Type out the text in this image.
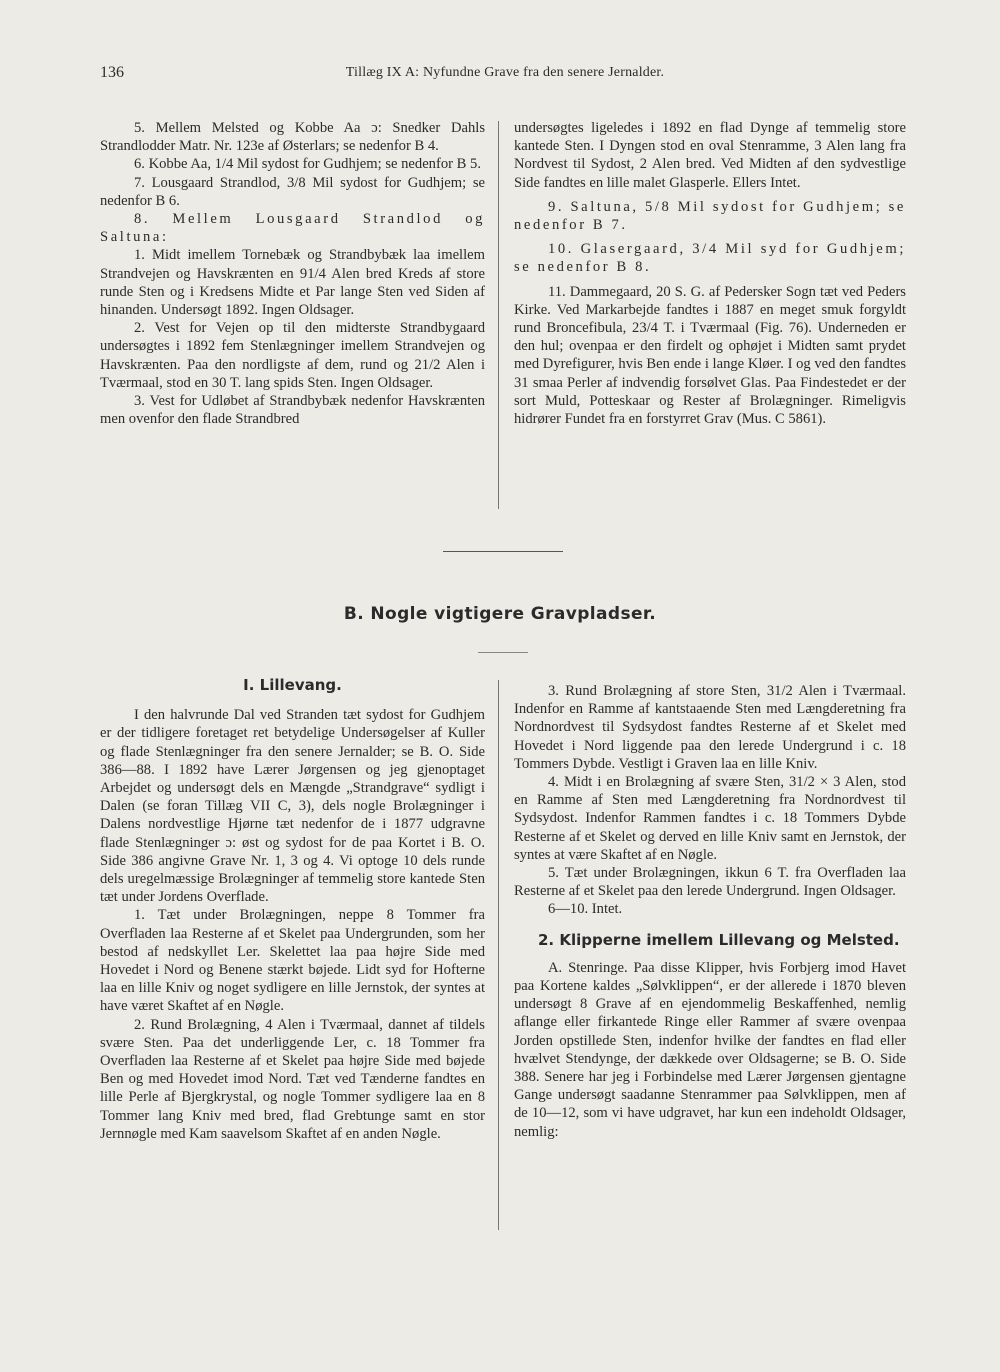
136	Tillæg IX A: Nyfundne Grave fra den senere Jernalder.

5. Mellem Melsted og Kobbe Aa ɔ: Snedker Dahls Strandlodder Matr. Nr. 123e af Østerlars; se nedenfor B 4.

6. Kobbe Aa, 1/4 Mil sydost for Gudhjem; se nedenfor B 5.

7. Lousgaard Strandlod, 3/8 Mil sydost for Gudhjem; se nedenfor B 6.

8. Mellem Lousgaard Strandlod og Saltuna:

1. Midt imellem Tornebæk og Strandbybæk laa imellem Strandvejen og Havskrænten en 91/4 Alen bred Kreds af store runde Sten og i Kredsens Midte et Par lange Sten ved Siden af hinanden. Undersøgt 1892. Ingen Oldsager.

2. Vest for Vejen op til den midterste Strandbygaard undersøgtes i 1892 fem Stenlægninger imellem Strandvejen og Havskrænten. Paa den nordligste af dem, rund og 21/2 Alen i Tværmaal, stod en 30 T. lang spids Sten. Ingen Oldsager.

3. Vest for Udløbet af Strandbybæk nedenfor Havskrænten men ovenfor den flade Strandbred

undersøgtes ligeledes i 1892 en flad Dynge af temmelig store kantede Sten. I Dyngen stod en oval Stenramme, 3 Alen lang fra Nordvest til Sydost, 2 Alen bred. Ved Midten af den sydvestlige Side fandtes en lille malet Glasperle. Ellers Intet.

9. Saltuna, 5/8 Mil sydost for Gudhjem; se nedenfor B 7.

10. Glasergaard, 3/4 Mil syd for Gudhjem; se nedenfor B 8.

11. Dammegaard, 20 S. G. af Pedersker Sogn tæt ved Peders Kirke. Ved Markarbejde fandtes i 1887 en meget smuk forgyldt rund Broncefibula, 23/4 T. i Tværmaal (Fig. 76). Underneden er den hul; ovenpaa er den firdelt og ophøjet i Midten samt prydet med Dyrefigurer, hvis Ben ende i lange Kløer. I og ved den fandtes 31 smaa Perler af indvendig forsølvet Glas. Paa Findestedet er der sort Muld, Potteskaar og Rester af Brolægninger. Rimeligvis hidrører Fundet fra en forstyrret Grav (Mus. C 5861).

B. Nogle vigtigere Gravpladser.

I. Lillevang.

I den halvrunde Dal ved Stranden tæt sydost for Gudhjem er der tidligere foretaget ret betydelige Undersøgelser af Kuller og flade Stenlægninger fra den senere Jernalder; se B. O. Side 386—88. I 1892 have Lærer Jørgensen og jeg gjenoptaget Arbejdet og undersøgt dels en Mængde „Strandgrave“ sydligt i Dalen (se foran Tillæg VII C, 3), dels nogle Brolægninger i Dalens nordvestlige Hjørne tæt nedenfor de i 1877 udgravne flade Stenlægninger ɔ: øst og sydost for de paa Kortet i B. O. Side 386 angivne Grave Nr. 1, 3 og 4. Vi optoge 10 dels runde dels uregelmæssige Brolægninger af temmelig store kantede Sten tæt under Jordens Overflade.

1. Tæt under Brolægningen, neppe 8 Tommer fra Overfladen laa Resterne af et Skelet paa Undergrunden, som her bestod af nedskyllet Ler. Skelettet laa paa højre Side med Hovedet i Nord og Benene stærkt bøjede. Lidt syd for Hofterne laa en lille Kniv og noget sydligere en lille Jernstok, der syntes at have været Skaftet af en Nøgle.

2. Rund Brolægning, 4 Alen i Tværmaal, dannet af tildels svære Sten. Paa det underliggende Ler, c. 18 Tommer fra Overfladen laa Resterne af et Skelet paa højre Side med bøjede Ben og med Hovedet imod Nord. Tæt ved Tænderne fandtes en lille Perle af Bjergkrystal, og nogle Tommer sydligere laa en 8 Tommer lang Kniv med bred, flad Grebtunge samt en stor Jernnøgle med Kam saavelsom Skaftet af en anden Nøgle.

3. Rund Brolægning af store Sten, 31/2 Alen i Tværmaal. Indenfor en Ramme af kantstaaende Sten med Længderetning fra Nordnordvest til Sydsydost fandtes Resterne af et Skelet med Hovedet i Nord liggende paa den lerede Undergrund i c. 18 Tommers Dybde. Vestligt i Graven laa en lille Kniv.

4. Midt i en Brolægning af svære Sten, 31/2 × 3 Alen, stod en Ramme af Sten med Længderetning fra Nordnordvest til Sydsydost. Indenfor Rammen fandtes i c. 18 Tommers Dybde Resterne af et Skelet og derved en lille Kniv samt en Jernstok, der syntes at være Skaftet af en Nøgle.

5. Tæt under Brolægningen, ikkun 6 T. fra Overfladen laa Resterne af et Skelet paa den lerede Undergrund. Ingen Oldsager.

6—10. Intet.

2. Klipperne imellem Lillevang og Melsted.

A. Stenringe. Paa disse Klipper, hvis Forbjerg imod Havet paa Kortene kaldes „Sølvklippen“, er der allerede i 1870 bleven undersøgt 8 Grave af en ejendommelig Beskaffenhed, nemlig aflange eller firkantede Ringe eller Rammer af svære ovenpaa Jorden opstillede Sten, indenfor hvilke der fandtes en flad eller hvælvet Stendynge, der dækkede over Oldsagerne; se B. O. Side 388. Senere har jeg i Forbindelse med Lærer Jørgensen gjentagne Gange undersøgt saadanne Stenrammer paa Sølvklippen, men af de 10—12, som vi have udgravet, har kun een indeholdt Oldsager, nemlig:
